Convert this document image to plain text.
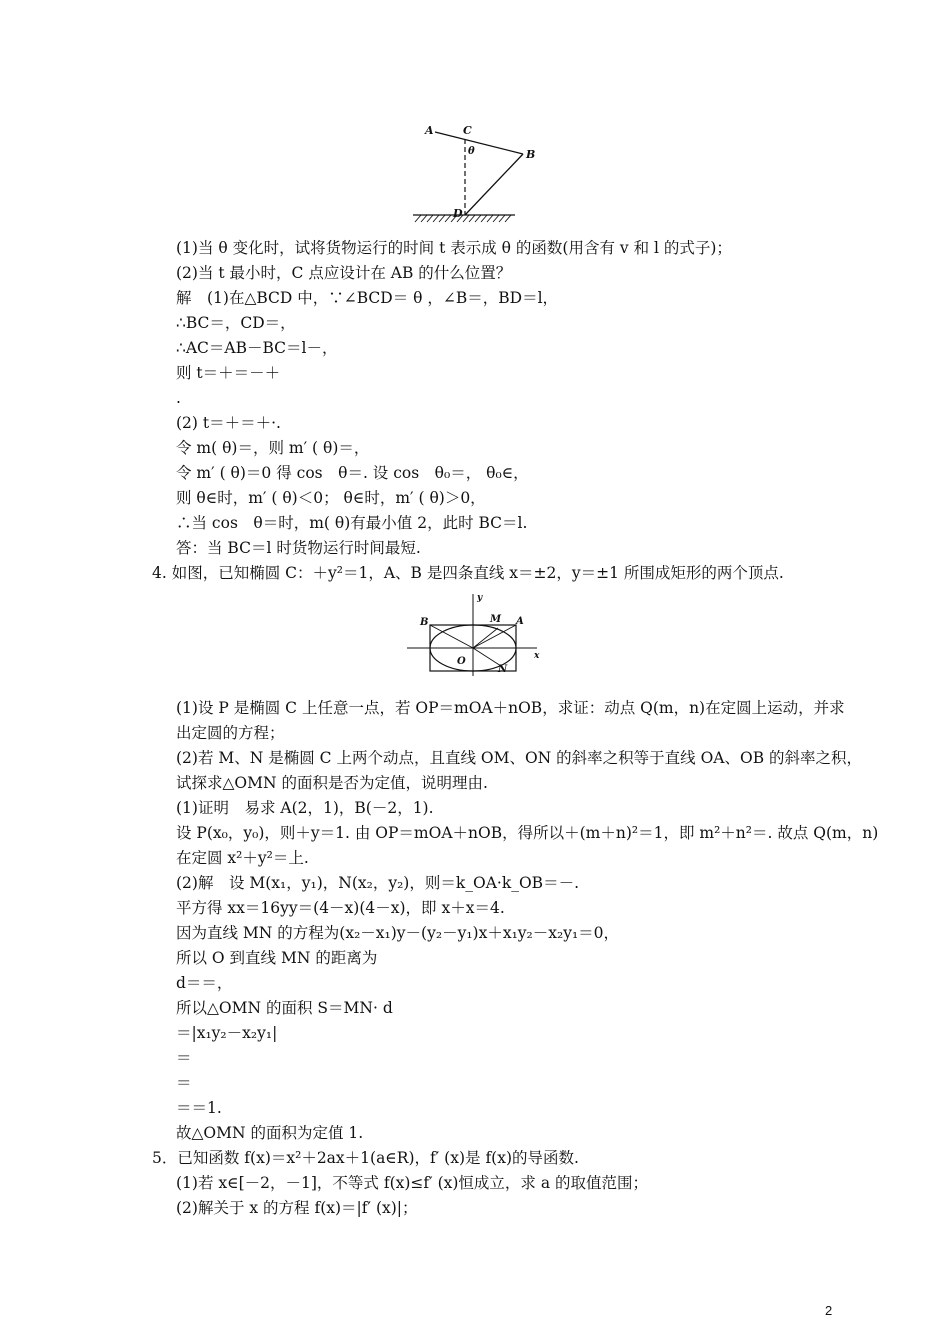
A	C
B
θ
D
y
B	M A
O
N
x
(1)当 θ 变化时，试将货物运行的时间 t 表示成 θ 的函数(用含有 v 和 l 的式子)；
(2)当 t 最小时，C 点应设计在 AB 的什么位置？
解　(1)在△BCD 中，∵∠BCD＝ θ ，∠B＝，BD＝l，
∴BC＝，CD＝，
∴AC＝AB－BC＝l－，
则 t＝＋＝－＋
.
(2) t＝＋＝＋·.
令 m( θ)＝，则 m′ ( θ)＝，
令 m′ ( θ)＝0 得 cos　θ＝. 设 cos　θ₀＝， θ₀∈，
则 θ∈时，m′ ( θ)＜0； θ∈时，m′ ( θ)＞0，
∴当 cos　θ＝时，m( θ)有最小值 2，此时 BC＝l.
答：当 BC＝l 时货物运行时间最短.
4. 如图，已知椭圆 C：＋y²＝1，A、B 是四条直线 x＝±2，y＝±1 所围成矩形的两个顶点.
(1)设 P 是椭圆 C 上任意一点，若 OP＝mOA＋nOB，求证：动点 Q(m，n)在定圆上运动，并求
出定圆的方程；
(2)若 M、N 是椭圆 C 上两个动点，且直线 OM、ON 的斜率之积等于直线 OA、OB 的斜率之积，
试探求△OMN 的面积是否为定值，说明理由.
(1)证明　易求 A(2，1)，B(－2，1).
设 P(x₀，y₀)，则＋y＝1. 由 OP＝mOA＋nOB，得所以＋(m＋n)²＝1，即 m²＋n²＝. 故点 Q(m，n)
在定圆 x²＋y²＝上.
(2)解　设 M(x₁，y₁)，N(x₂，y₂)，则＝k_OA·k_OB＝－.
平方得 xx＝16yy＝(4－x)(4－x)，即 x＋x＝4.
因为直线 MN 的方程为(x₂－x₁)y－(y₂－y₁)x＋x₁y₂－x₂y₁＝0，
所以 O 到直线 MN 的距离为
d＝＝，
所以△OMN 的面积 S＝MN· d
＝|x₁y₂－x₂y₁|
＝
＝
＝＝1.
故△OMN 的面积为定值 1.
5．已知函数 f(x)＝x²＋2ax＋1(a∈R)，f′ (x)是 f(x)的导函数.
(1)若 x∈[－2，－1]，不等式 f(x)≤f′ (x)恒成立，求 a 的取值范围；
(2)解关于 x 的方程 f(x)＝|f′ (x)|；
2
